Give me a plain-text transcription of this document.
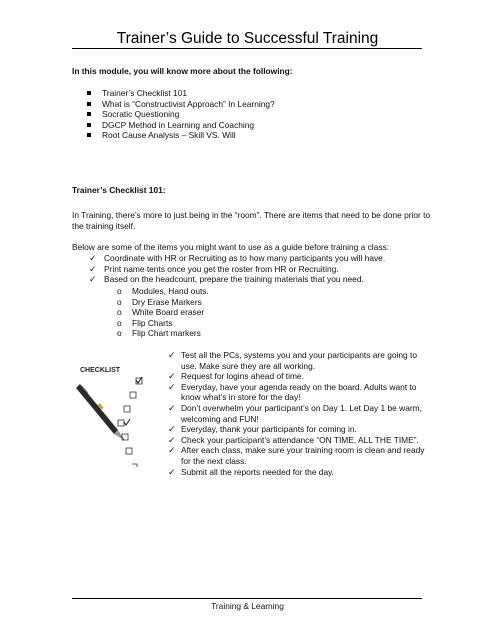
Trainer’s Guide to Successful Training
In this module, you will know more about the following:
Trainer’s Checklist 101
What is “Constructivist Approach” In Learning?
Socratic Questioning
DGCP Method in Learning and Coaching
Root Cause Analysis – Skill VS. Will
Trainer’s Checklist 101:
In Training, there’s more to just being in the “room”. There are items that need to be done prior to
the training itself.
Below are some of the items you might want to use as a guide before training a class:
✓ Coordinate with HR or Recruiting as to how many participants you will have.
✓ Print name tents once you get the roster from HR or Recruiting.
✓ Based on the headcount, prepare the training materials that you need.
o Modules, Hand outs.
o Dry Erase Markers
o White Board eraser
o Flip Charts
o Flip Chart markers
CHECKLIST
✓ Test all the PCs, systems you and your participants are going to
use. Make sure they are all working.
✓ Request for logins ahead of time.
✓ Everyday, have your agenda ready on the board. Adults want to
know what’s in store for the day!
✓ Don’t overwhelm your participant’s on Day 1. Let Day 1 be warm,
welcoming and FUN!
✓ Everyday, thank your participants for coming in.
✓ Check your participant’s attendance “ON TIME, ALL THE TIME”.
✓ After each class, make sure your training room is clean and ready
for the next class.
✓ Submit all the reports needed for the day.
Training & Learning
